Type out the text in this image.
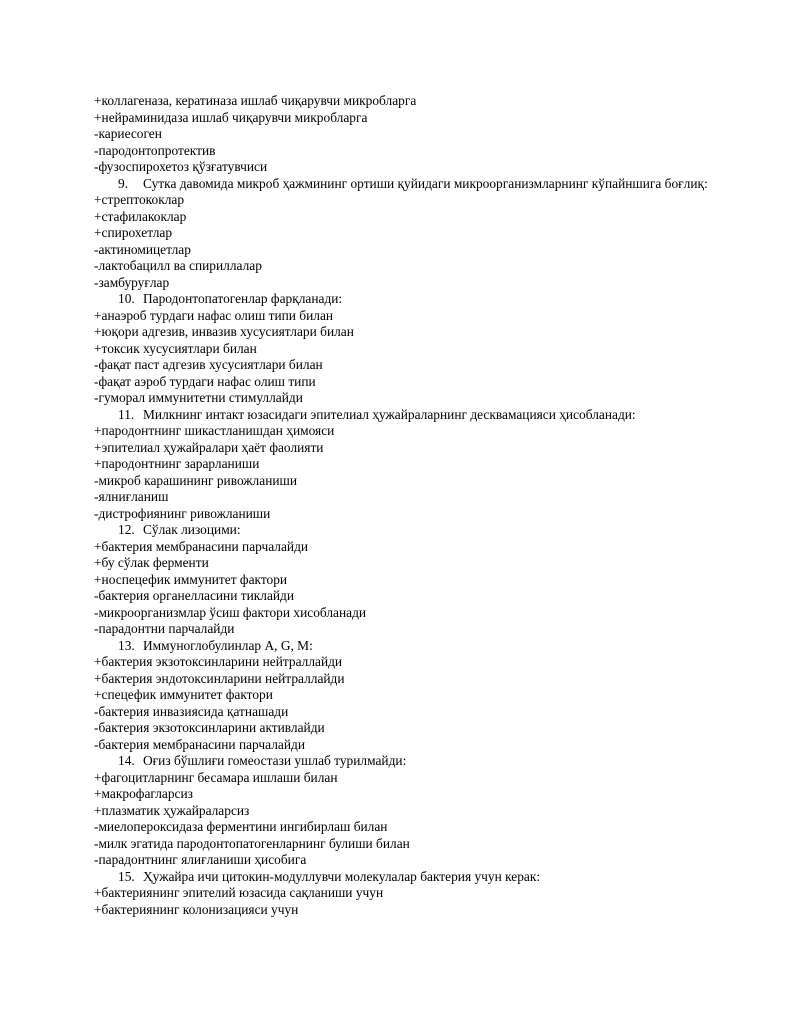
+коллагеназа, кератиназа ишлаб чиқарувчи микробларга
+нейраминидаза ишлаб чиқарувчи микробларга
-кариесоген
-пародонтопротектив
-фузоспирохетоз қўзғатувчиси
9.	Сутка давомида микроб ҳажмининг ортиши қуйидаги микроорганизмларнинг кўпайншига боғлиқ:
+стрептококлар
+стафилакоклар
+спирохетлар
-актиномицетлар
-лактобацилл ва спириллалар
-замбуруғлар
10. Пародонтопатогенлар фарқланади:
+анаэроб турдаги нафас олиш типи билан
+юқори адгезив, инвазив хусусиятлари билан
+токсик хусусиятлари билан
-фақат паст адгезив хусусиятлари билан
-фақат аэроб турдаги нафас олиш типи
-гуморал иммунитетни стимуллайди
11. Милкнинг интакт юзасидаги эпителиал ҳужайраларнинг десквамацияси ҳисобланади:
+пародонтнинг шикастланишдан ҳимояси
+эпителиал ҳужайралари ҳаёт фаолияти
+пародонтнинг зарарланиши
-микроб карашининг ривожланиши
-ялниғланиш
-дистрофиянинг ривожланиши
12. Сўлак лизоцими:
+бактерия мембранасини парчалайди
+бу сўлак ферменти
+носпецефик иммунитет фактори
-бактерия органелласини тиклайди
-микроорганизмлар ўсиш фактори хисобланади
-парадонтни парчалайди
13. Иммуноглобулинлар A, G, M:
+бактерия экзотоксинларини нейтраллайди
+бактерия эндотоксинларини нейтраллайди
+спецефик иммунитет фактори
-бактерия инвазиясида қатнашади
-бактерия экзотоксинларини активлайди
-бактерия мембранасини парчалайди
14. Оғиз бўшлиғи гомеостази ушлаб турилмайди:
+фагоцитларнинг бесамара ишлаши билан
+макрофагларсиз
+плазматик ҳужайраларсиз
-миелопероксидаза ферментини ингибирлаш билан
-милк эгатида пародонтопатогенларнинг булиши билан
-парадонтнинг ялиғланиши ҳисобига
15. Ҳужайра ичи цитокин-модуллувчи молекулалар бактерия учун керак:
+бактериянинг эпителий юзасида сақланиши учун
+бактериянинг колонизацияси учун
